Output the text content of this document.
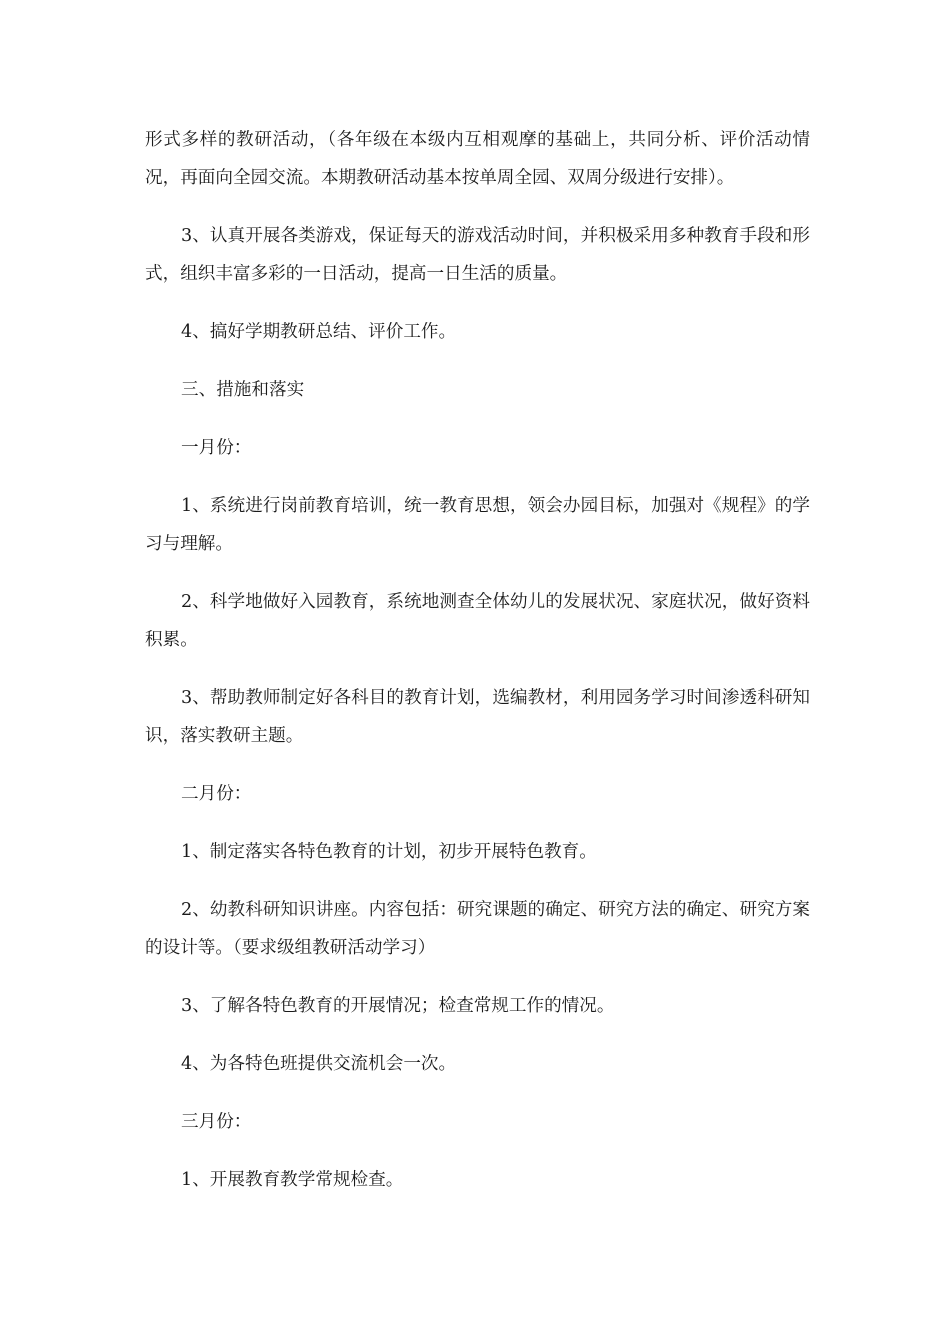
形式多样的教研活动，（各年级在本级内互相观摩的基础上，共同分析、评价活动情况，再面向全园交流。本期教研活动基本按单周全园、双周分级进行安排）。

3、认真开展各类游戏，保证每天的游戏活动时间，并积极采用多种教育手段和形式，组织丰富多彩的一日活动，提高一日生活的质量。

4、搞好学期教研总结、评价工作。

三、措施和落实

一月份：

1、系统进行岗前教育培训，统一教育思想，领会办园目标，加强对《规程》的学习与理解。

2、科学地做好入园教育，系统地测查全体幼儿的发展状况、家庭状况，做好资料积累。

3、帮助教师制定好各科目的教育计划，选编教材，利用园务学习时间渗透科研知识，落实教研主题。

二月份：

1、制定落实各特色教育的计划，初步开展特色教育。

2、幼教科研知识讲座。内容包括：研究课题的确定、研究方法的确定、研究方案的设计等。（要求级组教研活动学习）

3、了解各特色教育的开展情况；检查常规工作的情况。

4、为各特色班提供交流机会一次。

三月份：

1、开展教育教学常规检查。
